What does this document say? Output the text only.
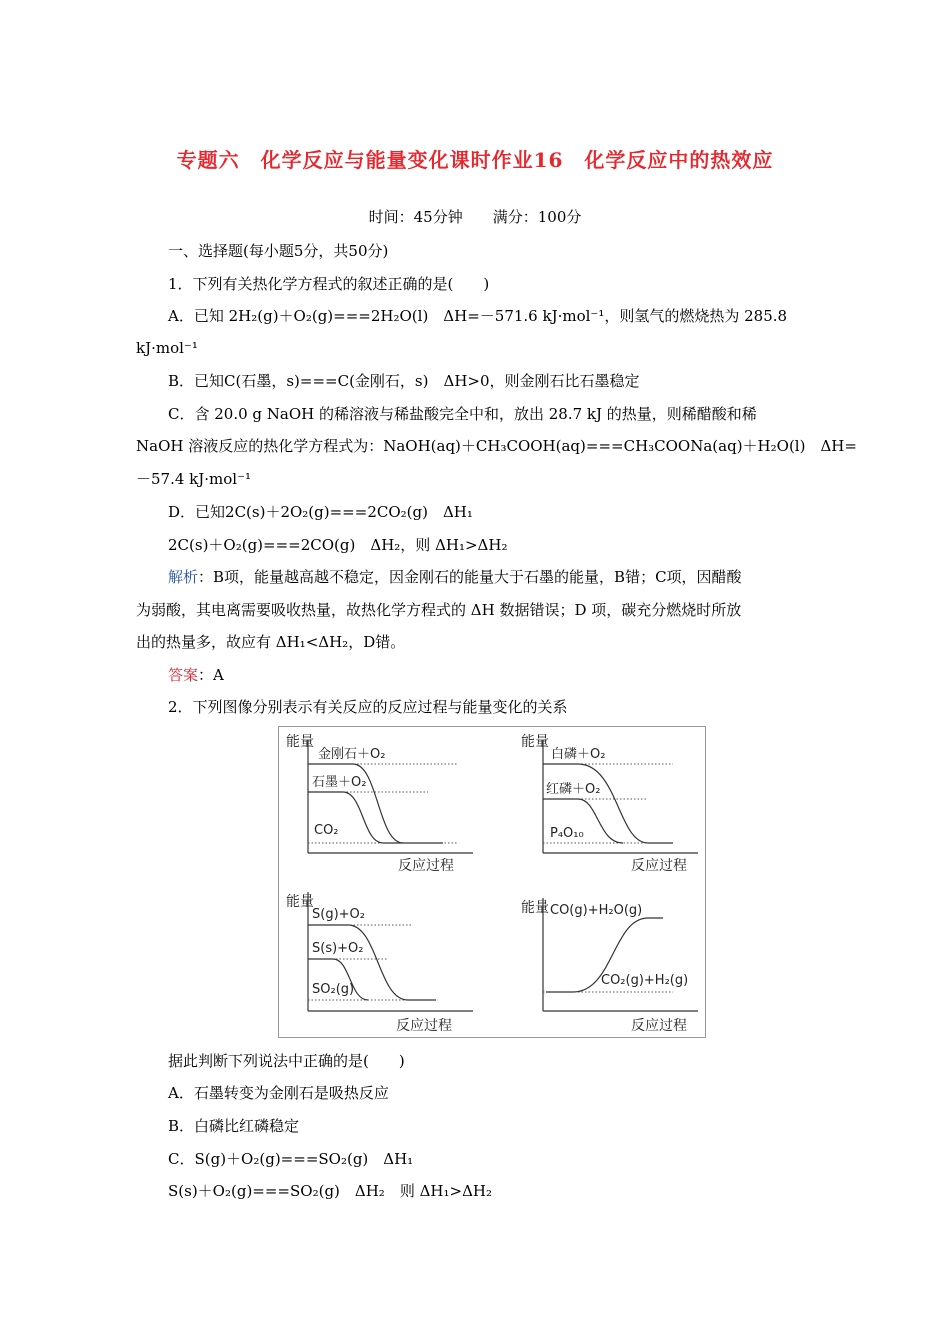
专题六　化学反应与能量变化课时作业16　化学反应中的热效应
时间：45分钟　　满分：100分
一、选择题(每小题5分，共50分)
1．下列有关热化学方程式的叙述正确的是(　　)
A．已知 2H₂(g)＋O₂(g)===2H₂O(l)　ΔH=－571.6 kJ·mol⁻¹，则氢气的燃烧热为 285.8
kJ·mol⁻¹
B．已知C(石墨，s)===C(金刚石，s)　ΔH>0，则金刚石比石墨稳定
C．含 20.0 g NaOH 的稀溶液与稀盐酸完全中和，放出 28.7 kJ 的热量，则稀醋酸和稀
NaOH 溶液反应的热化学方程式为：NaOH(aq)＋CH₃COOH(aq)===CH₃COONa(aq)＋H₂O(l)　ΔH=
－57.4 kJ·mol⁻¹
D．已知2C(s)＋2O₂(g)===2CO₂(g)　ΔH₁
2C(s)＋O₂(g)===2CO(g)　ΔH₂，则 ΔH₁>ΔH₂
解析：B项，能量越高越不稳定，因金刚石的能量大于石墨的能量，B错；C项，因醋酸
为弱酸，其电离需要吸收热量，故热化学方程式的 ΔH 数据错误；D 项，碳充分燃烧时所放
出的热量多，故应有 ΔH₁<ΔH₂，D错。
答案：A
2．下列图像分别表示有关反应的反应过程与能量变化的关系
能量
金刚石＋O₂
石墨＋O₂
CO₂
反应过程
能量
白磷＋O₂
红磷＋O₂
P₄O₁₀
反应过程
能量
S(g)+O₂
S(s)+O₂
SO₂(g)
反应过程
能量 CO(g)+H₂O(g)
CO₂(g)+H₂(g)
反应过程
据此判断下列说法中正确的是(　　)
A．石墨转变为金刚石是吸热反应
B．白磷比红磷稳定
C．S(g)＋O₂(g)===SO₂(g)　ΔH₁
S(s)＋O₂(g)===SO₂(g)　ΔH₂　则 ΔH₁>ΔH₂
